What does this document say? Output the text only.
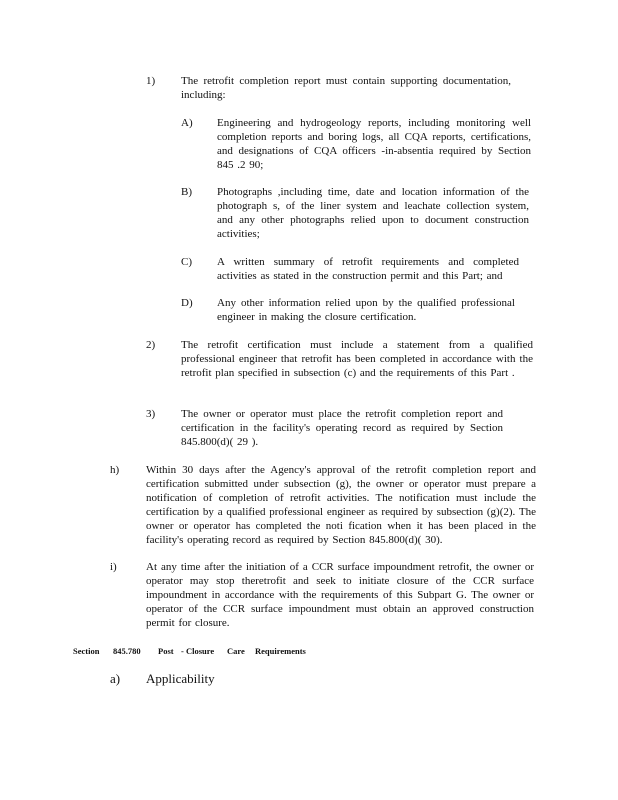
1) The retrofit completion report must contain supporting documentation, including:
A) Engineering and hydrogeology reports, including monitoring well completion reports and boring logs, all CQA reports, certifications, and designations of CQA officers -in-absentia required by Section 845 .2 90;
B) Photographs ,including time, date and location information of the photograph s, of the liner system and leachate collection system, and any other photographs relied upon to document construction activities;
C) A written summary of retrofit requirements and completed activities as stated in the construction permit and this Part; and
D) Any other information relied upon by the qualified professional engineer in making the closure certification.
2) The retrofit certification must include a statement from a qualified professional engineer that retrofit has been completed in accordance with the retrofit plan specified in subsection (c) and the requirements of this Part .
3) The owner or operator must place the retrofit completion report and certification in the facility's operating record as required by Section 845.800(d)( 29 ).
h) Within 30 days after the Agency's approval of the retrofit completion report and certification submitted under subsection (g), the owner or operator must prepare a notification of completion of retrofit activities. The notification must include the certification by a qualified professional engineer as required by subsection (g)(2). The owner or operator has completed the noti fication when it has been placed in the facility's operating record as required by Section 845.800(d)( 30).
i)	At any time after the initiation of a CCR surface impoundment retrofit, the owner or operator may stop theretrofit and seek to initiate closure of the CCR surface impoundment in accordance with the requirements of this Subpart G. The owner or operator of the CCR surface impoundment must obtain an approved construction permit for closure.
Section 845.780 Post - Closure Care Requirements
a) Applicability
